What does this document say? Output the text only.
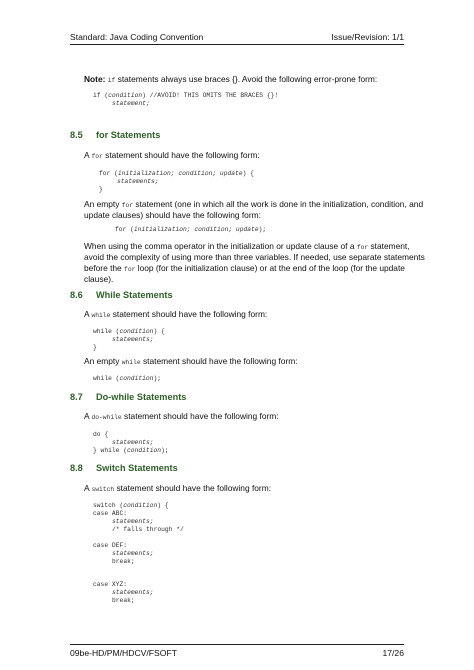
Standard: Java Coding Convention	Issue/Revision: 1/1
Note: if statements always use braces {}. Avoid the following error-prone form:
if (condition) //AVOID! THIS OMITS THE BRACES {}!
statement;
8.5 for Statements
A for statement should have the following form:
for (initialization; condition; update) {
statements;
}
An empty for statement (one in which all the work is done in the initialization, condition, and
update clauses) should have the following form:
for (initialization; condition; update);
When using the comma operator in the initialization or update clause of a for statement,
avoid the complexity of using more than three variables. If needed, use separate statements
before the for loop (for the initialization clause) or at the end of the loop (for the update
clause).
8.6 While Statements
A while statement should have the following form:
while (condition) {
statements;
}
An empty while statement should have the following form:
while (condition);
8.7 Do-while Statements
A do-while statement should have the following form:
do {
statements;
} while (condition);
8.8 Switch Statements
A switch statement should have the following form:
switch (condition) {
case ABC:
statements;
/* falls through */
case DEF:
statements;
break;
case XYZ:
statements;
break;
09be-HD/PM/HDCV/FSOFT	17/26
